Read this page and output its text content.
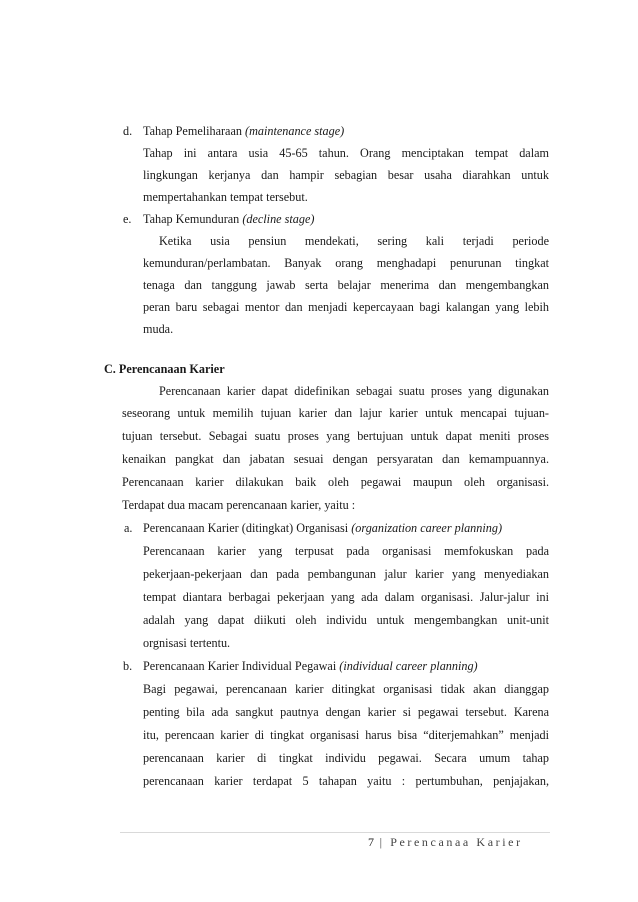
d. Tahap Pemeliharaan (maintenance stage)
Tahap ini antara usia 45-65 tahun. Orang menciptakan tempat dalam
lingkungan kerjanya dan hampir sebagian besar usaha diarahkan untuk
mempertahankan tempat tersebut.
e. Tahap Kemunduran (decline stage)
Ketika usia pensiun mendekati, sering kali terjadi periode
kemunduran/perlambatan. Banyak orang menghadapi penurunan tingkat
tenaga dan tanggung jawab serta belajar menerima dan mengembangkan
peran baru sebagai mentor dan menjadi kepercayaan bagi kalangan yang lebih
muda.
C. Perencanaan Karier
Perencanaan karier dapat didefinikan sebagai suatu proses yang digunakan
seseorang untuk memilih tujuan karier dan lajur karier untuk mencapai tujuan-
tujuan tersebut. Sebagai suatu proses yang bertujuan untuk dapat meniti proses
kenaikan pangkat dan jabatan sesuai dengan persyaratan dan kemampuannya.
Perencanaan karier dilakukan baik oleh pegawai maupun oleh organisasi.
Terdapat dua macam perencanaan karier, yaitu :
a. Perencanaan Karier (ditingkat) Organisasi (organization career planning)
Perencanaan karier yang terpusat pada organisasi memfokuskan pada
pekerjaan-pekerjaan dan pada pembangunan jalur karier yang menyediakan
tempat diantara berbagai pekerjaan yang ada dalam organisasi. Jalur-jalur ini
adalah yang dapat diikuti oleh individu untuk mengembangkan unit-unit
orgnisasi tertentu.
b. Perencanaan Karier Individual Pegawai (individual career planning)
Bagi pegawai, perencanaan karier ditingkat organisasi tidak akan dianggap
penting bila ada sangkut pautnya dengan karier si pegawai tersebut. Karena
itu, perencaan karier di tingkat organisasi harus bisa “diterjemahkan” menjadi
perencanaan karier di tingkat individu pegawai. Secara umum tahap
perencanaan karier terdapat 5 tahapan yaitu : pertumbuhan, penjajakan,
7 | Perencanaa Karier
